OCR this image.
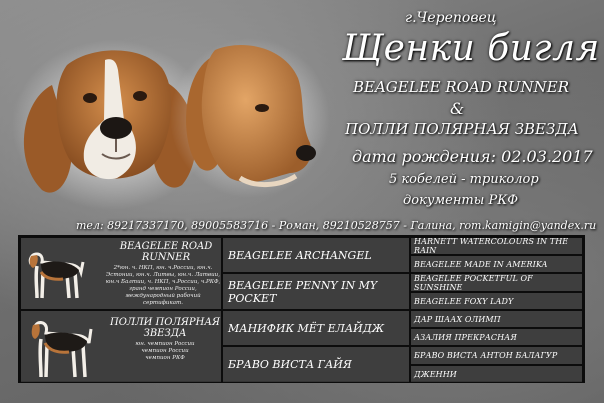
г.Череповец
Щенки бигля
BEAGELEE ROAD RUNNER
&
ПОЛЛИ ПОЛЯРНАЯ ЗВЕЗДА
дата рождения: 02.03.2017
5 кобелей - триколор
документы РКФ
тел: 89217337170, 89005583716 - Роман, 89210528757 - Галина, rom.kamigin@yandex.ru
BEAGELEE ROAD RUNNER
2*юн. ч. НКП, юн. ч.России, юн.ч. Эстонии, юн.ч. Литвы, юн.ч. Латвии, юн.ч Балтии, ч. НКП, ч.России, ч.РКФ, гранд чемпион России, международный рабочий сертификат.
ПОЛЛИ ПОЛЯРНАЯ ЗВЕЗДА
юн. чемпион России
чемпион России
чемпион РКФ
BEAGELEE ARCHANGEL
BEAGELEE PENNY IN MY POCKET
МАНИФИК МЁТ ЕЛАЙДЖ
БРАВО ВИСТА ГАЙЯ
HARNETT WATERCOLOURS IN THE RAIN
BEAGELEE MADE IN AMERIKA
BEAGELEE POCKETFUL OF SUNSHINE
BEAGELEE FOXY LADY
ДАР ШААХ ОЛИМП
АЗАЛИЯ ПРЕКРАСНАЯ
БРАВО ВИСТА АНТОН БАЛАГУР
ДЖЕННИ
